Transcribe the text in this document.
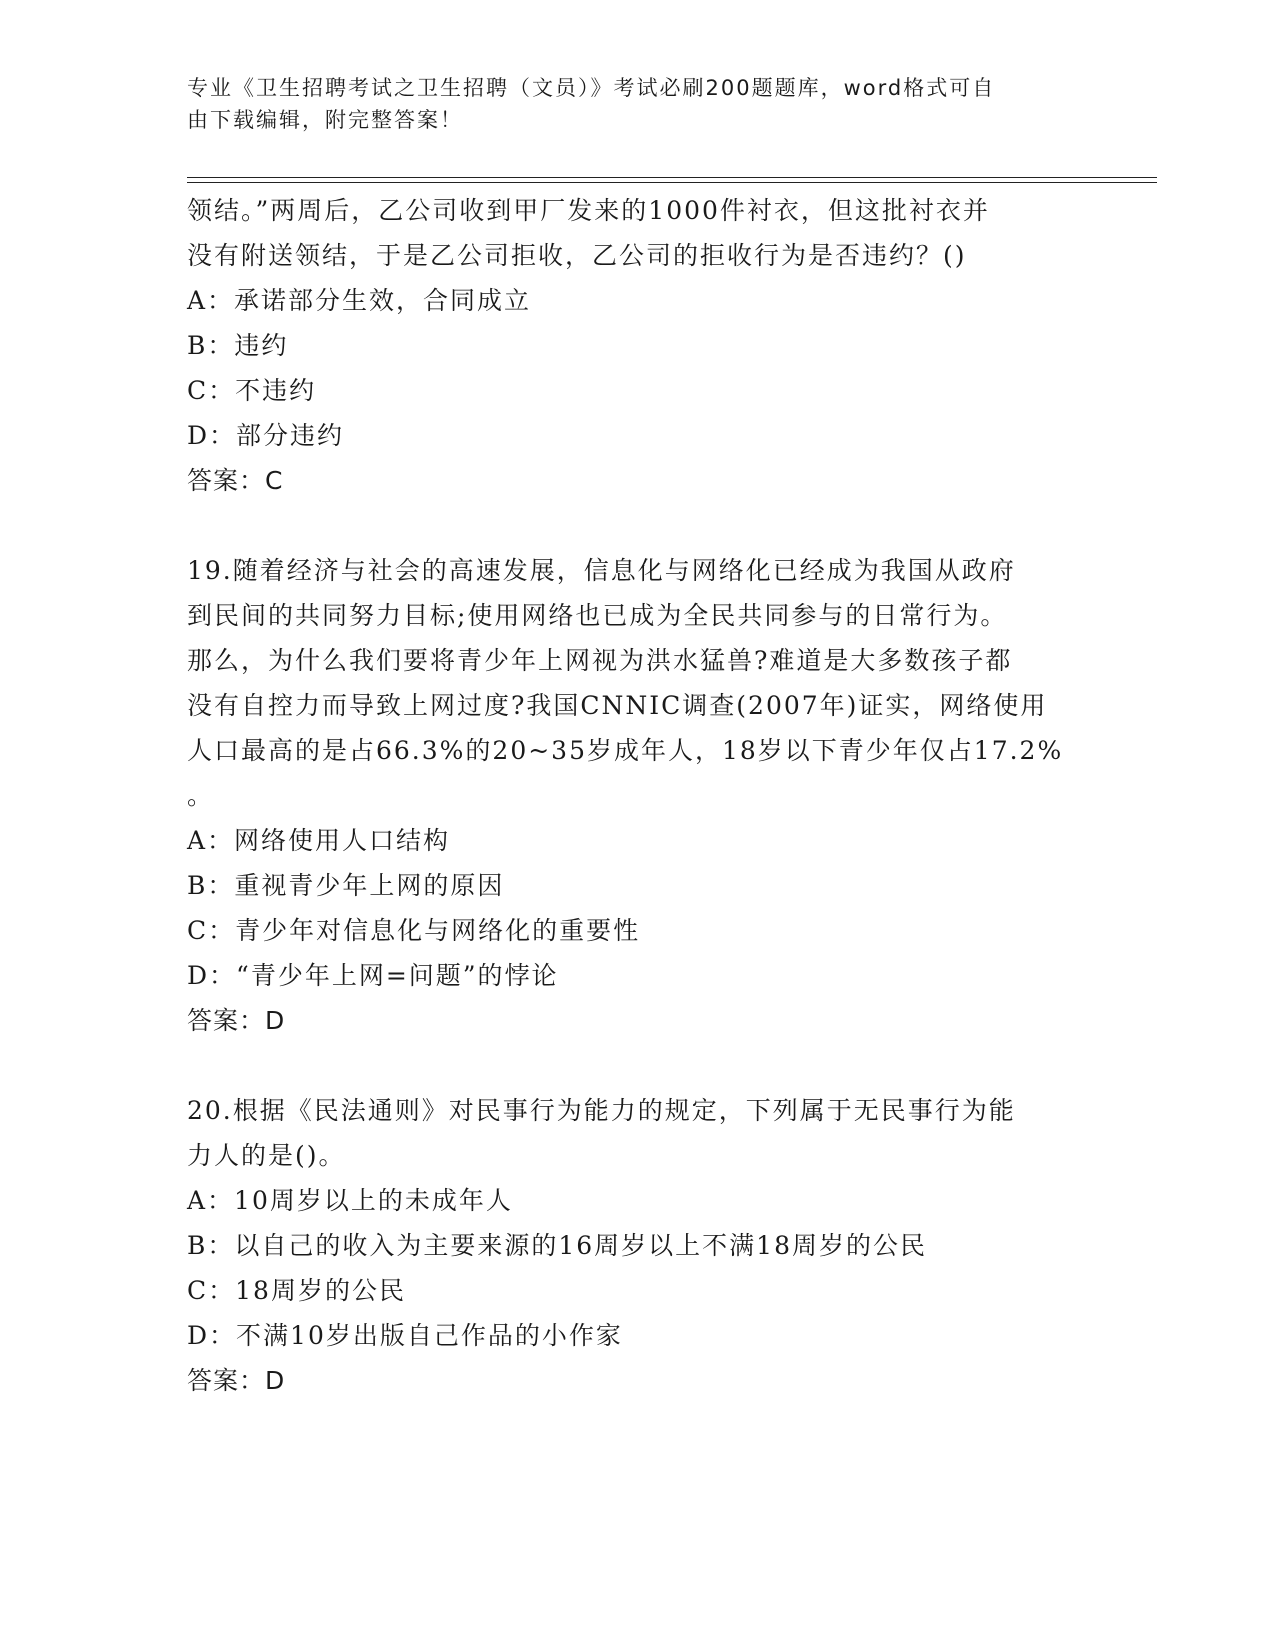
专业《卫生招聘考试之卫生招聘（文员）》考试必刷200题题库，word格式可自
由下载编辑，附完整答案！
领结。”两周后，乙公司收到甲厂发来的1000件衬衣，但这批衬衣并
没有附送领结，于是乙公司拒收，乙公司的拒收行为是否违约？()
A：承诺部分生效，合同成立
B：违约
C：不违约
D：部分违约
答案：C
19.随着经济与社会的高速发展，信息化与网络化已经成为我国从政府
到民间的共同努力目标;使用网络也已成为全民共同参与的日常行为。
那么，为什么我们要将青少年上网视为洪水猛兽?难道是大多数孩子都
没有自控力而导致上网过度?我国CNNIC调查(2007年)证实，网络使用
人口最高的是占66.3%的20~35岁成年人，18岁以下青少年仅占17.2%
。
A：网络使用人口结构
B：重视青少年上网的原因
C：青少年对信息化与网络化的重要性
D：“青少年上网=问题”的悖论
答案：D
20.根据《民法通则》对民事行为能力的规定，下列属于无民事行为能
力人的是()。
A：10周岁以上的未成年人
B：以自己的收入为主要来源的16周岁以上不满18周岁的公民
C：18周岁的公民
D：不满10岁出版自己作品的小作家
答案：D
